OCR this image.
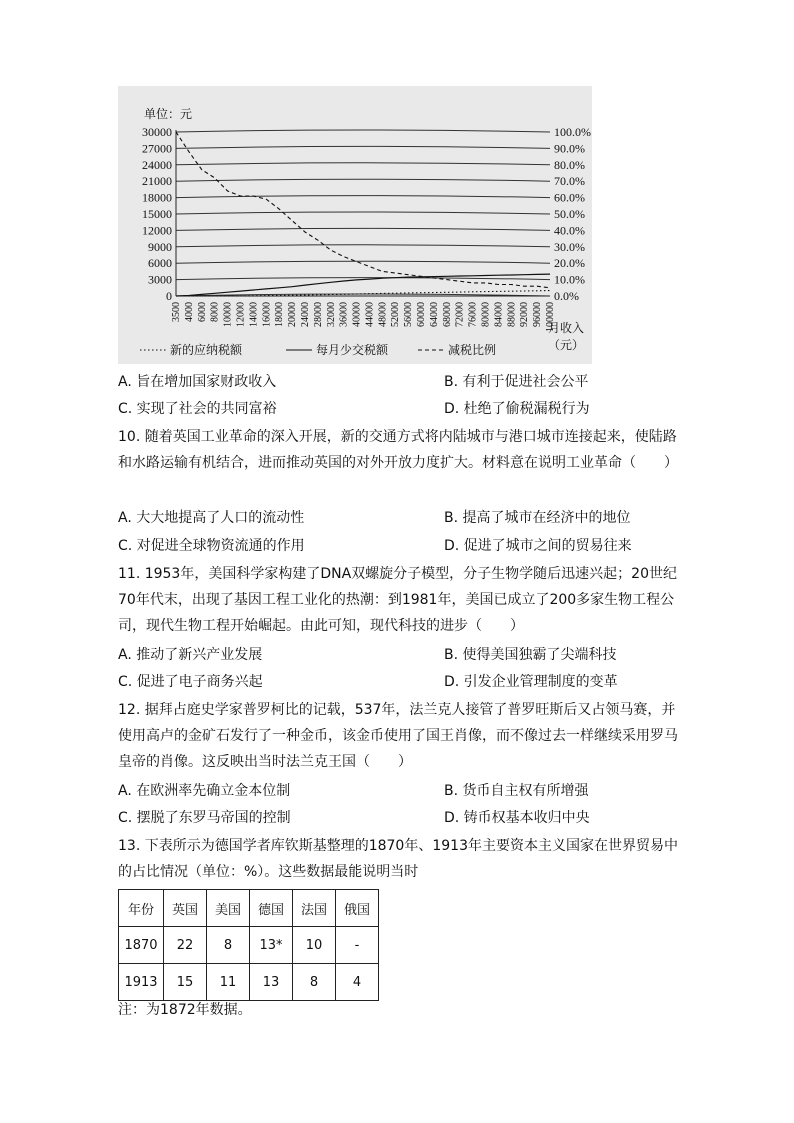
单位：元
30000
27000
24000
21000
18000
15000
12000
9000
6000
3000
0
100.0%
90.0%
80.0%
70.0%
60.0%
50.0%
40.0%
30.0%
20.0%
10.0%
0.0%
3500 4000 6000 8000 10000 12000 14000 16000 18000 20000 24000 28000 32000 36000 40000 44000 48000 52000 56000 60000 64000 68000 72000 76000 80000 84000 88000 92000 96000 100000
月收入
（元）
新的应纳税额	每月少交税额	减税比例
A. 旨在增加国家财政收入	B. 有利于促进社会公平
C. 实现了社会的共同富裕	D. 杜绝了偷税漏税行为
10. 随着英国工业革命的深入开展，新的交通方式将内陆城市与港口城市连接起来，使陆路和水路运输有机结合，进而推动英国的对外开放力度扩大。材料意在说明工业革命（　　）
A. 大大地提高了人口的流动性	B. 提高了城市在经济中的地位
C. 对促进全球物资流通的作用	D. 促进了城市之间的贸易往来
11. 1953年，美国科学家构建了DNA双螺旋分子模型，分子生物学随后迅速兴起；20世纪70年代末，出现了基因工程工业化的热潮：到1981年，美国已成立了200多家生物工程公司，现代生物工程开始崛起。由此可知，现代科技的进步（　　）
A. 推动了新兴产业发展	B. 使得美国独霸了尖端科技
C. 促进了电子商务兴起	D. 引发企业管理制度的变革
12. 据拜占庭史学家普罗柯比的记载，537年，法兰克人接管了普罗旺斯后又占领马赛，并使用高卢的金矿石发行了一种金币，该金币使用了国王肖像，而不像过去一样继续采用罗马皇帝的肖像。这反映出当时法兰克王国（　　）
A. 在欧洲率先确立金本位制	B. 货币自主权有所增强
C. 摆脱了东罗马帝国的控制	D. 铸币权基本收归中央
13. 下表所示为德国学者库钦斯基整理的1870年、1913年主要资本主义国家在世界贸易中的占比情况（单位：%）。这些数据最能说明当时
年份	英国	美国	德国	法国	俄国
1870	22	8	13*	10	-
1913	15	11	13	8	4
注：为1872年数据。
